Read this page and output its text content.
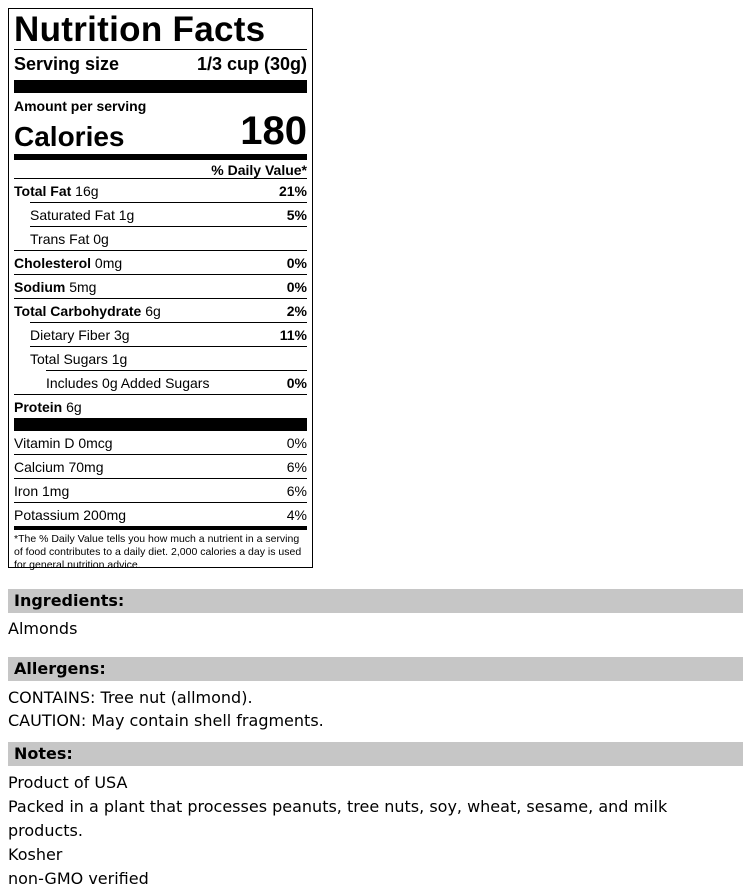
Nutrition Facts
Serving size	1/3 cup (30g)
Amount per serving
Calories	180
% Daily Value*
Total Fat 16g	21%
Saturated Fat 1g	5%
Trans Fat 0g
Cholesterol 0mg	0%
Sodium 5mg	0%
Total Carbohydrate 6g	2%
Dietary Fiber 3g	11%
Total Sugars 1g
Includes 0g Added Sugars	0%
Protein 6g
Vitamin D 0mcg	0%
Calcium 70mg	6%
Iron 1mg	6%
Potassium 200mg	4%
*The % Daily Value tells you how much a nutrient in a serving of food contributes to a daily diet. 2,000 calories a day is used for general nutrition advice.
Ingredients:
Almonds
Allergens:
CONTAINS: Tree nut (allmond).
CAUTION: May contain shell fragments.
Notes:
Product of USA
Packed in a plant that processes peanuts, tree nuts, soy, wheat, sesame, and milk products.
Kosher
non-GMO verified
